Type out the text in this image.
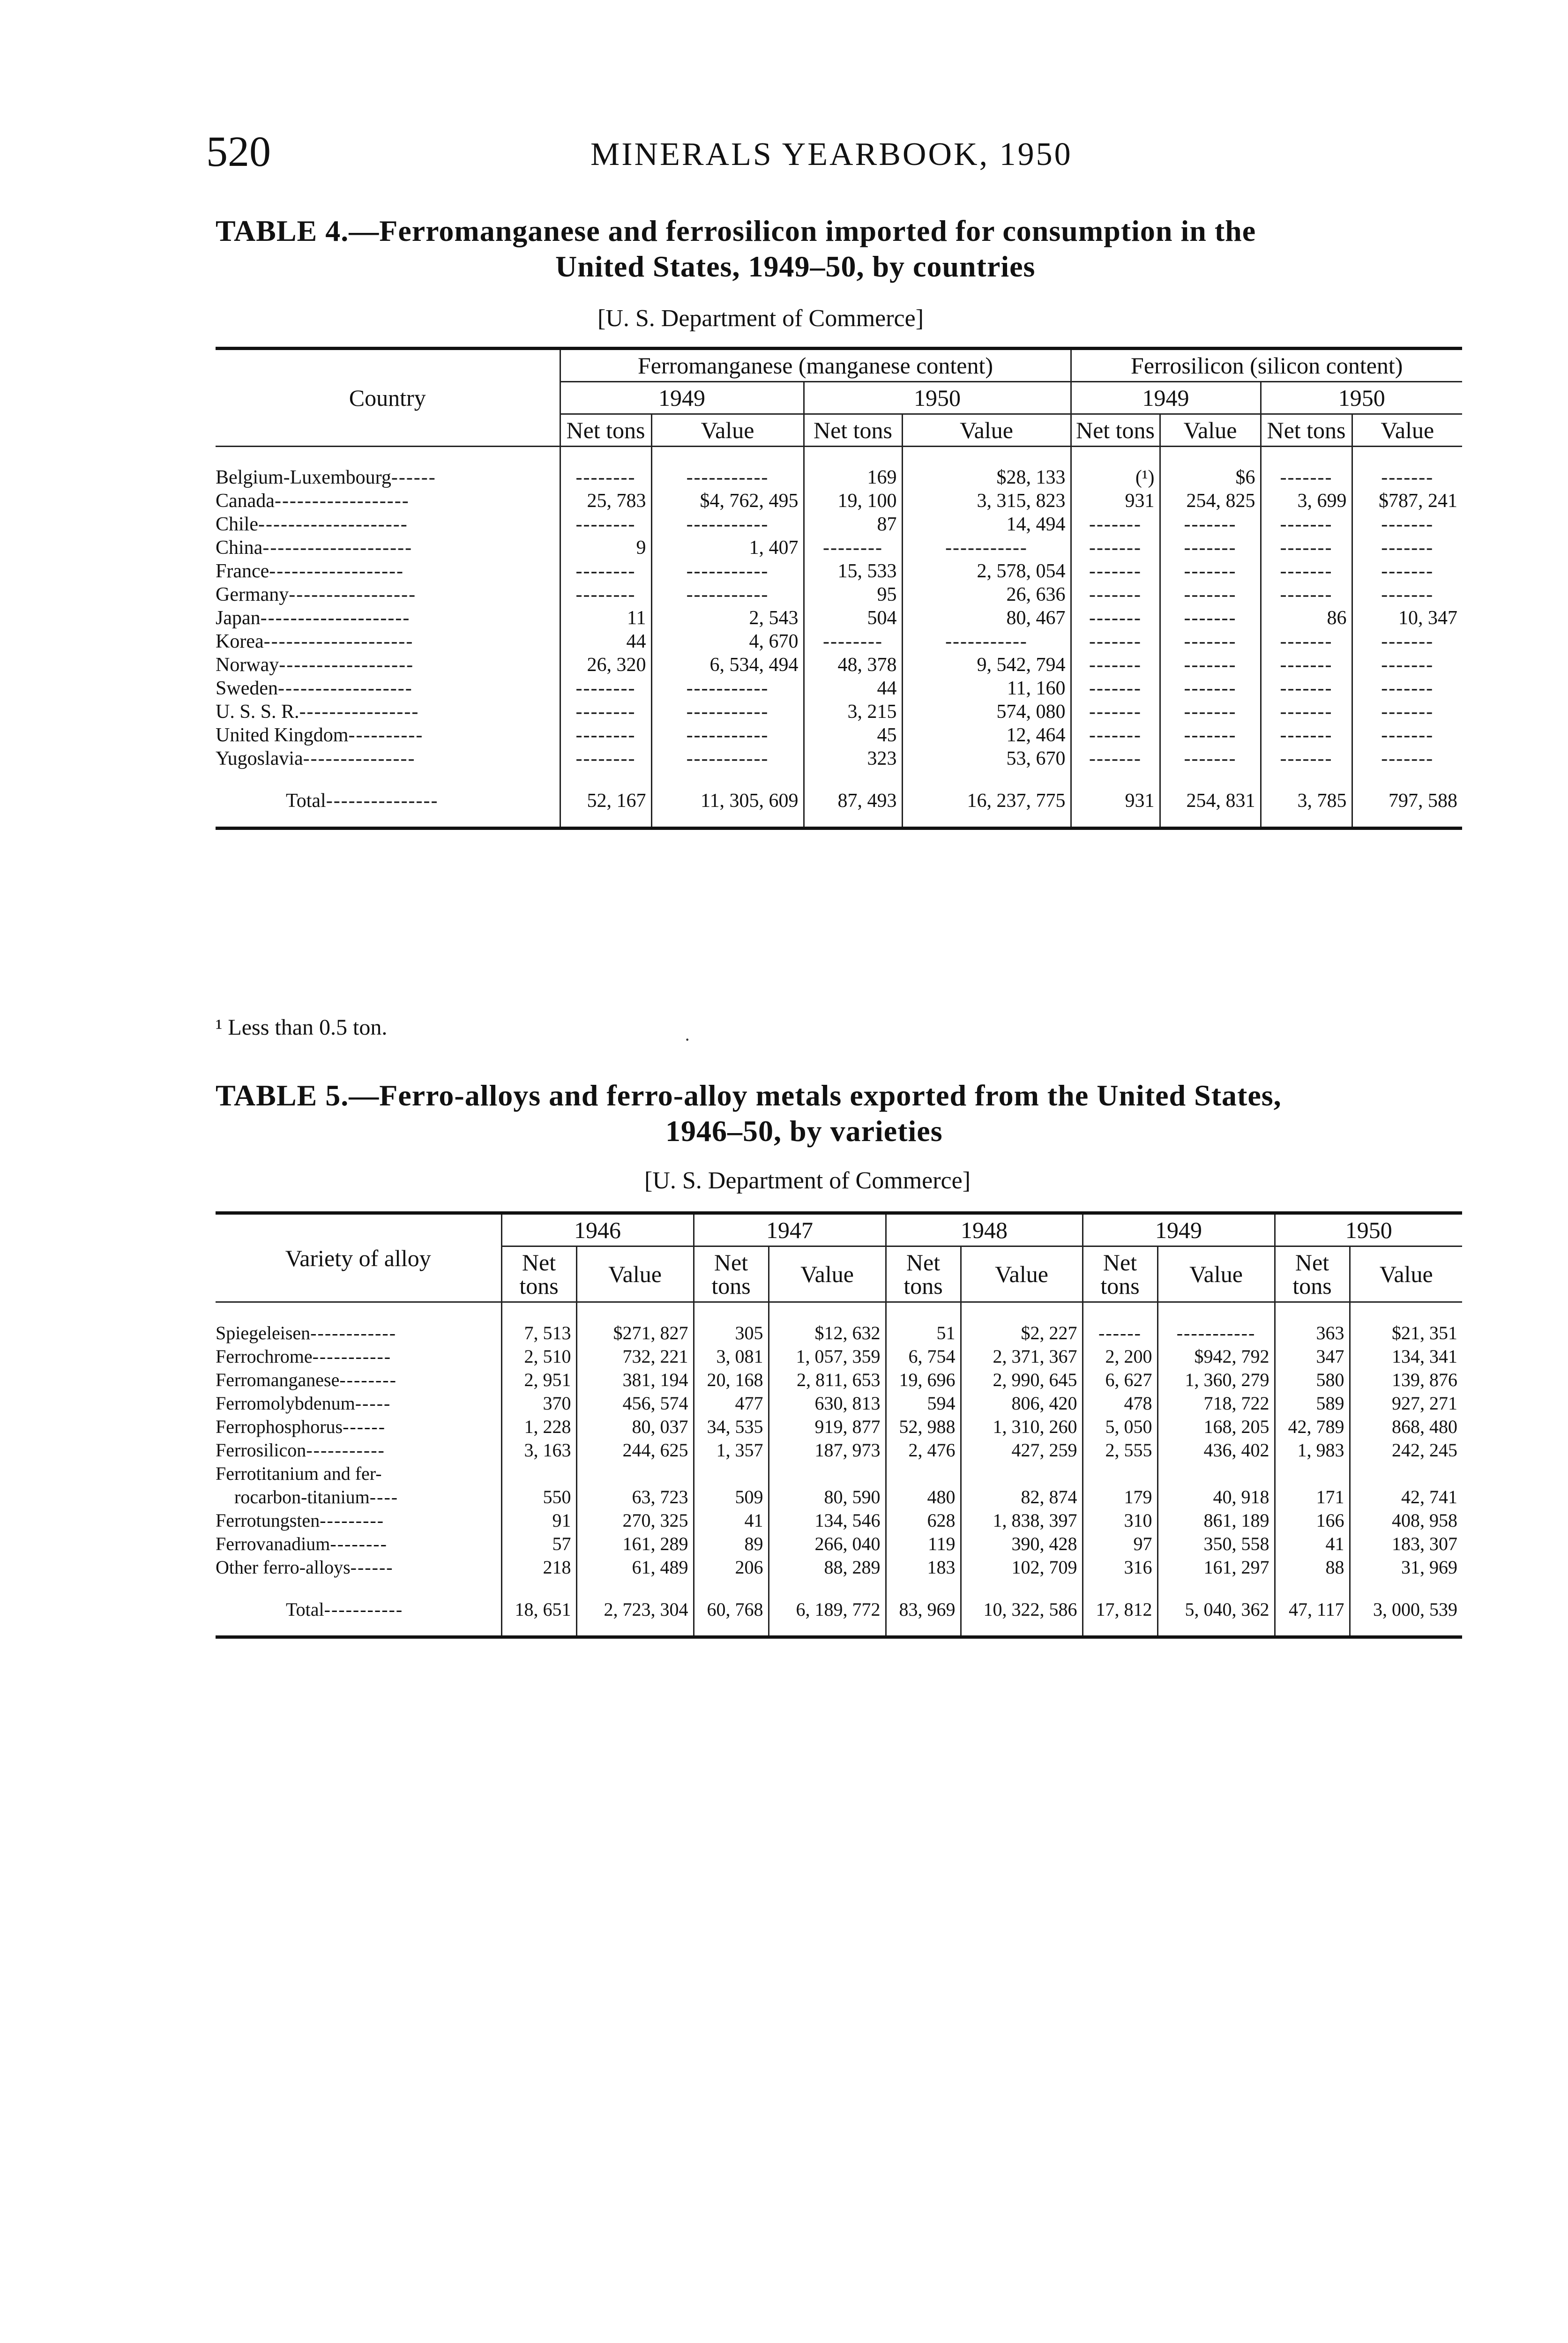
520	MINERALS YEARBOOK, 1950
TABLE 4.—Ferromanganese and ferrosilicon imported for consumption in the
United States, 1949–50, by countries
[U. S. Department of Commerce]
Country	Ferromanganese (manganese content)				Ferrosilicon (silicon content)			
	1949		1950		1949		1950	
	Net tons	Value	Net tons	Value	Net tons	Value	Net tons	Value
Belgium-Luxembourg------	--------	-----------	169	$28, 133	(¹)	$6	-------	-------
Canada------------------	25, 783	$4, 762, 495	19, 100	3, 315, 823	931	254, 825	3, 699	$787, 241
Chile--------------------	--------	-----------	87	14, 494	-------	-------	-------	-------
China--------------------	9	1, 407	--------	-----------	-------	-------	-------	-------
France------------------	--------	-----------	15, 533	2, 578, 054	-------	-------	-------	-------
Germany-----------------	--------	-----------	95	26, 636	-------	-------	-------	-------
Japan--------------------	11	2, 543	504	80, 467	-------	-------	86	10, 347
Korea--------------------	44	4, 670	--------	-----------	-------	-------	-------	-------
Norway------------------	26, 320	6, 534, 494	48, 378	9, 542, 794	-------	-------	-------	-------
Sweden------------------	--------	-----------	44	11, 160	-------	-------	-------	-------
U. S. S. R.----------------	--------	-----------	3, 215	574, 080	-------	-------	-------	-------
United Kingdom----------	--------	-----------	45	12, 464	-------	-------	-------	-------
Yugoslavia---------------	--------	-----------	323	53, 670	-------	-------	-------	-------
Total---------------	52, 167	11, 305, 609	87, 493	16, 237, 775	931	254, 831	3, 785	797, 588
¹ Less than 0.5 ton.
TABLE 5.—Ferro-alloys and ferro-alloy metals exported from the United States,
1946–50, by varieties
[U. S. Department of Commerce]
Variety of alloy	1946		1947		1948		1949		1950	
	Net tons	Value	Net tons	Value	Net tons	Value	Net tons	Value	Net tons	Value
Spiegeleisen------------	7, 513	$271, 827	305	$12, 632	51	$2, 227	------	-----------	363	$21, 351
Ferrochrome-----------	2, 510	732, 221	3, 081	1, 057, 359	6, 754	2, 371, 367	2, 200	$942, 792	347	134, 341
Ferromanganese--------	2, 951	381, 194	20, 168	2, 811, 653	19, 696	2, 990, 645	6, 627	1, 360, 279	580	139, 876
Ferromolybdenum-----	370	456, 574	477	630, 813	594	806, 420	478	718, 722	589	927, 271
Ferrophosphorus------	1, 228	80, 037	34, 535	919, 877	52, 988	1, 310, 260	5, 050	168, 205	42, 789	868, 480
Ferrosilicon-----------	3, 163	244, 625	1, 357	187, 973	2, 476	427, 259	2, 555	436, 402	1, 983	242, 245
Ferrotitanium and fer-										
rocarbon-titanium----	550	63, 723	509	80, 590	480	82, 874	179	40, 918	171	42, 741
Ferrotungsten---------	91	270, 325	41	134, 546	628	1, 838, 397	310	861, 189	166	408, 958
Ferrovanadium--------	57	161, 289	89	266, 040	119	390, 428	97	350, 558	41	183, 307
Other ferro-alloys------	218	61, 489	206	88, 289	183	102, 709	316	161, 297	88	31, 969
Total-----------	18, 651	2, 723, 304	60, 768	6, 189, 772	83, 969	10, 322, 586	17, 812	5, 040, 362	47, 117	3, 000, 539
·
